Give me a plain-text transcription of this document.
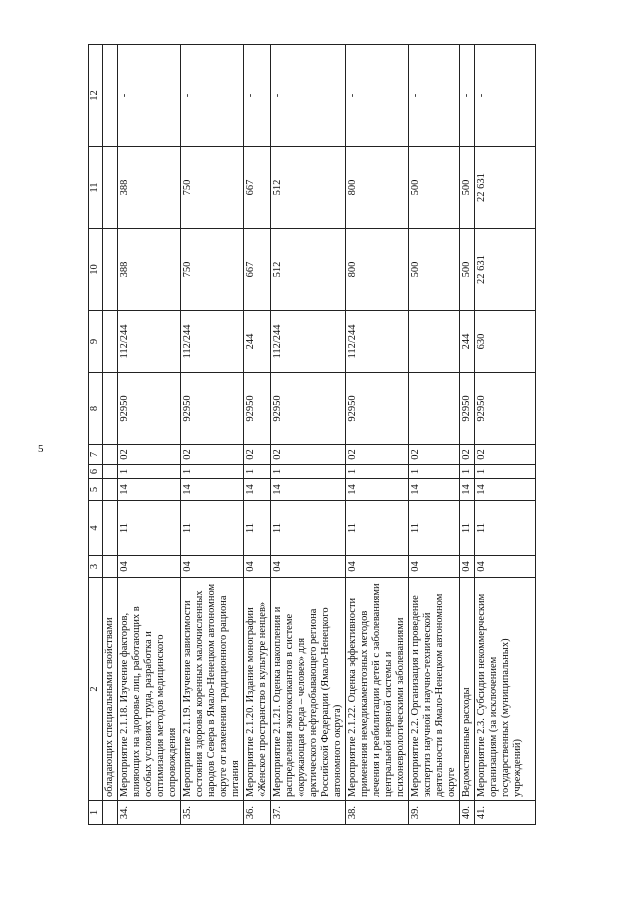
5
1	2	3	4	5	6	7	8	9	10	11	12
	обладающих специальными свойствами										
34.	Мероприятие 2.1.18. Изучение факторов, влияющих на здоровье лиц, работающих в особых условиях труда, разработка и оптимизация методов медицинского сопровождения	04	11	14	1	02	92950	112/244	388	388	-
35.	Мероприятие 2.1.19. Изучение зависимости состояния здоровья коренных малочисленных народов Севера в Ямало-Ненецком автономном округе от изменения традиционного рациона питания	04	11	14	1	02	92950	112/244	750	750	-
36.	Мероприятие 2.1.20. Издание монографии «Женское пространство в культуре ненцев»	04	11	14	1	02	92950	244	667	667	-
37.	Мероприятие 2.1.21. Оценка накопления и распределения экотоксикантов в системе «окружающая среда – человек» для арктического нефтедобывающего региона Российской Федерации (Ямало-Ненецкого автономного округа)	04	11	14	1	02	92950	112/244	512	512	-
38.	Мероприятие 2.1.22. Оценка эффективности применения немедикаментозных методов лечения и реабилитации детей с заболеваниями центральной нервной системы и психоневрологическими заболеваниями	04	11	14	1	02	92950	112/244	800	800	-
39.	Мероприятие 2.2. Организация и проведение экспертиз научной и научно-технической деятельности в Ямало-Ненецком автономном округе	04	11	14	1	02			500	500	-
40.	Ведомственные расходы	04	11	14	1	02	92950	244	500	500	-
41.	Мероприятие 2.3. Субсидии некоммерческим организациям (за исключением государственных (муниципальных) учреждений)	04	11	14	1	02	92950	630	22 631	22 631	-
